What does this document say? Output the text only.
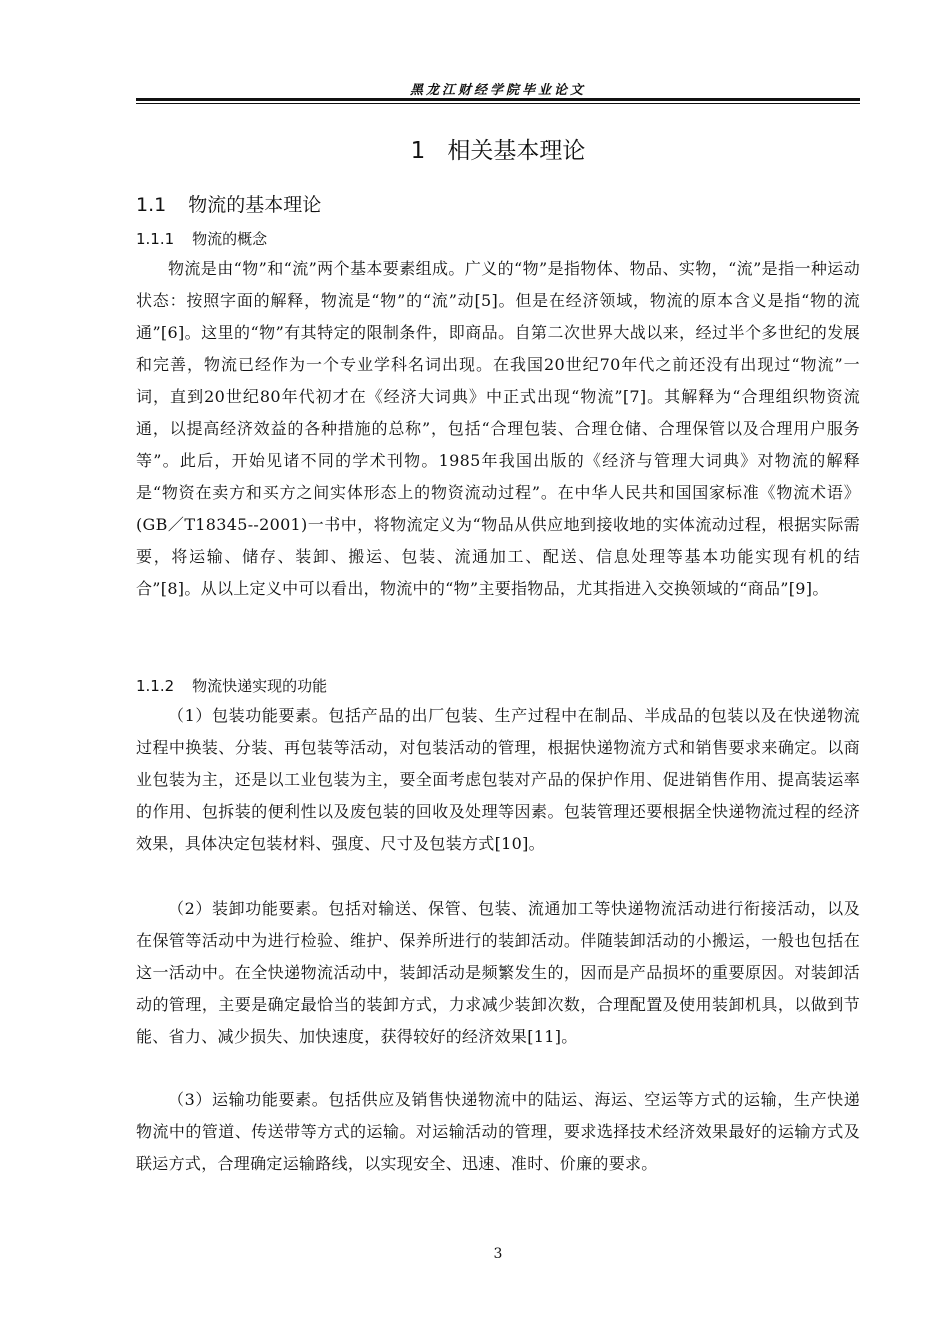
黑龙江财经学院毕业论文
1 相关基本理论
1.1 物流的基本理论
1.1.1 物流的概念

物流是由“物”和“流”两个基本要素组成。广义的“物”是指物体、物品、实物，“流”是指一种运动状态：按照字面的解释，物流是“物”的“流”动[5]。但是在经济领域，物流的原本含义是指“物的流通”[6]。这里的“物”有其特定的限制条件，即商品。自第二次世界大战以来，经过半个多世纪的发展和完善，物流已经作为一个专业学科名词出现。在我国20世纪70年代之前还没有出现过“物流”一词，直到20世纪80年代初才在《经济大词典》中正式出现“物流”[7]。其解释为“合理组织物资流通，以提高经济效益的各种措施的总称”，包括“合理包装、合理仓储、合理保管以及合理用户服务等”。此后，开始见诸不同的学术刊物。1985年我国出版的《经济与管理大词典》对物流的解释是“物资在卖方和买方之间实体形态上的物资流动过程”。在中华人民共和国国家标准《物流术语》(GB／T18345--2001)一书中，将物流定义为“物品从供应地到接收地的实体流动过程，根据实际需要，将运输、储存、装卸、搬运、包装、流通加工、配送、信息处理等基本功能实现有机的结合”[8]。从以上定义中可以看出，物流中的“物”主要指物品，尤其指进入交换领域的“商品”[9]。

1.1.2 物流快递实现的功能

（1）包装功能要素。包括产品的出厂包装、生产过程中在制品、半成品的包装以及在快递物流过程中换装、分装、再包装等活动，对包装活动的管理，根据快递物流方式和销售要求来确定。以商业包装为主，还是以工业包装为主，要全面考虑包装对产品的保护作用、促进销售作用、提高装运率的作用、包拆装的便利性以及废包装的回收及处理等因素。包装管理还要根据全快递物流过程的经济效果，具体决定包装材料、强度、尺寸及包装方式[10]。

（2）装卸功能要素。包括对输送、保管、包装、流通加工等快递物流活动进行衔接活动，以及在保管等活动中为进行检验、维护、保养所进行的装卸活动。伴随装卸活动的小搬运，一般也包括在这一活动中。在全快递物流活动中，装卸活动是频繁发生的，因而是产品损坏的重要原因。对装卸活动的管理，主要是确定最恰当的装卸方式，力求减少装卸次数，合理配置及使用装卸机具，以做到节能、省力、减少损失、加快速度，获得较好的经济效果[11]。

（3）运输功能要素。包括供应及销售快递物流中的陆运、海运、空运等方式的运输，生产快递物流中的管道、传送带等方式的运输。对运输活动的管理，要求选择技术经济效果最好的运输方式及联运方式，合理确定运输路线，以实现安全、迅速、准时、价廉的要求。

3
